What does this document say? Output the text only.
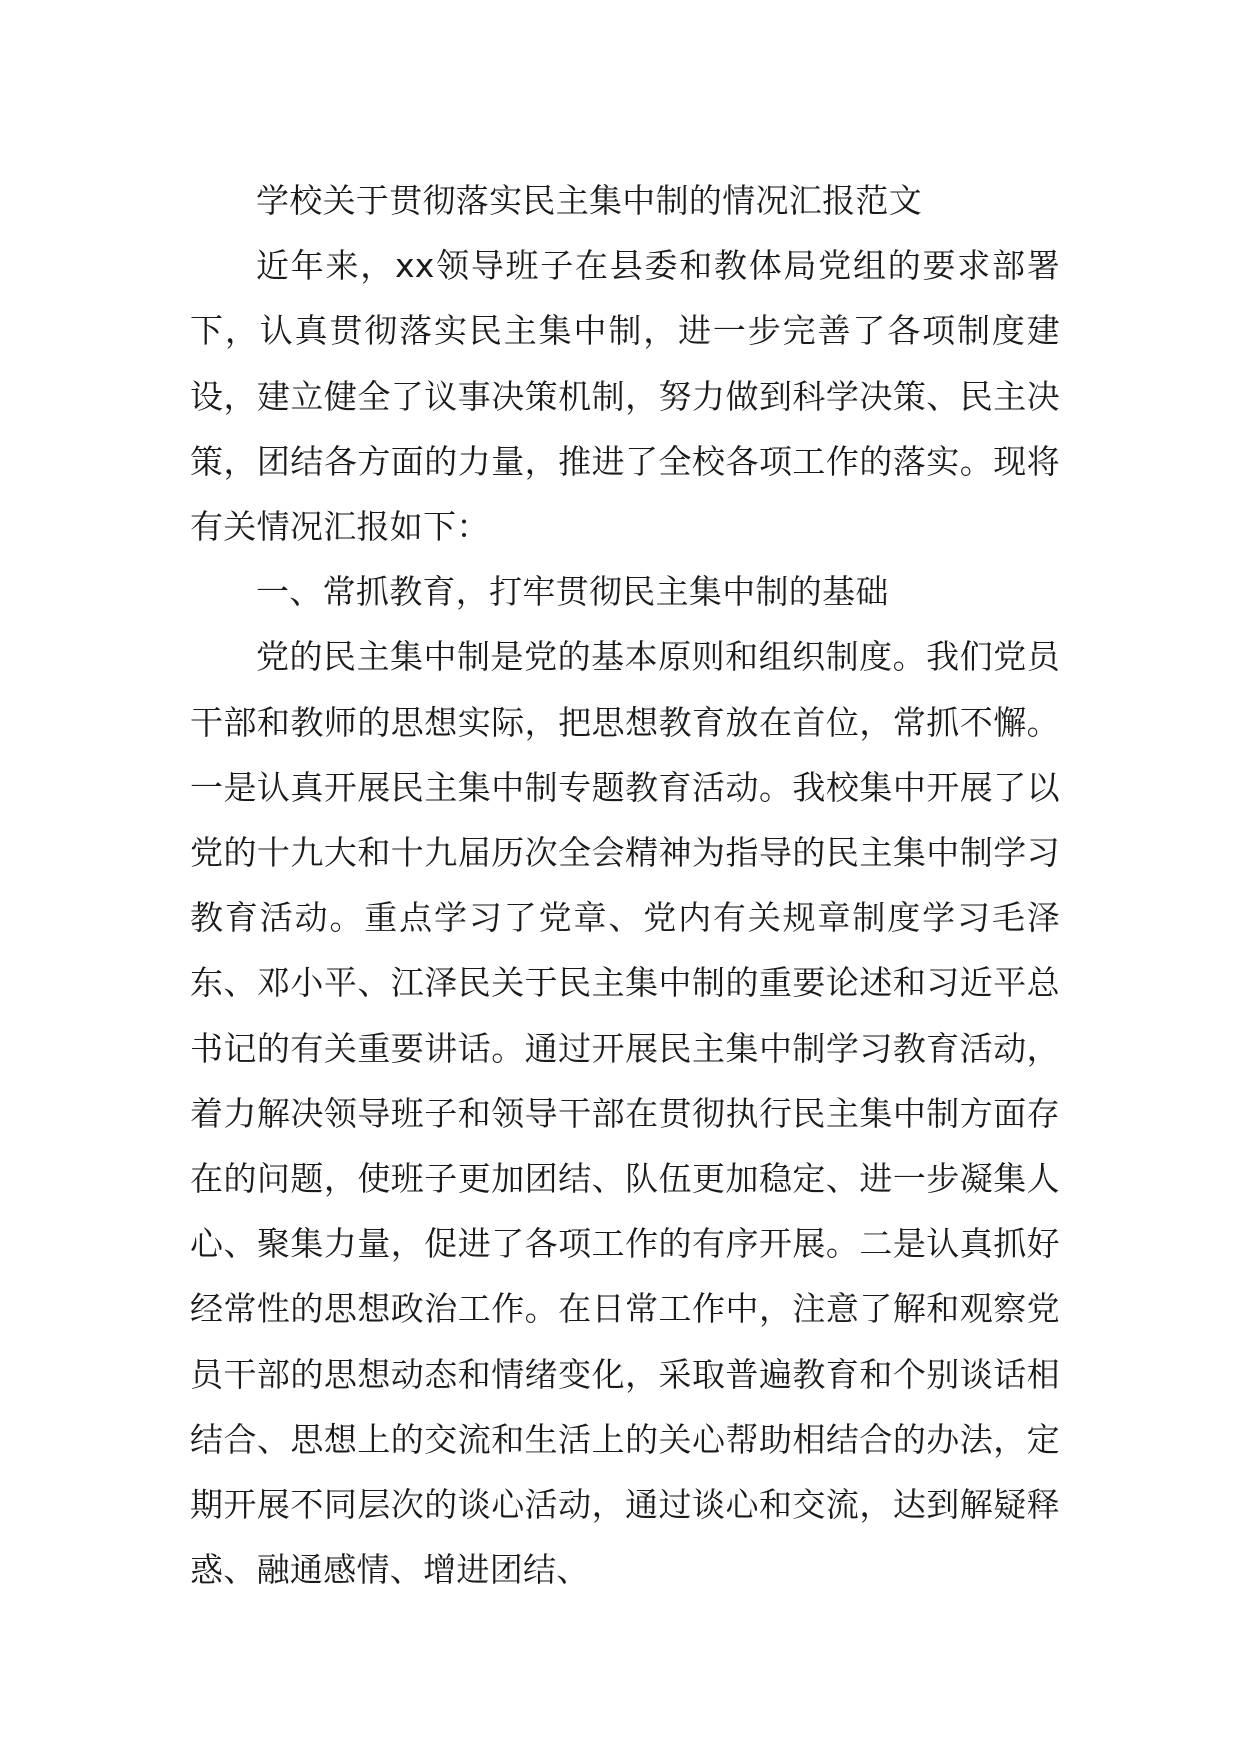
学校关于贯彻落实民主集中制的情况汇报范文

近年来，xx领导班子在县委和教体局党组的要求部署下，认真贯彻落实民主集中制，进一步完善了各项制度建设，建立健全了议事决策机制，努力做到科学决策、民主决策，团结各方面的力量，推进了全校各项工作的落实。现将有关情况汇报如下：

一、常抓教育，打牢贯彻民主集中制的基础

党的民主集中制是党的基本原则和组织制度。我们党员干部和教师的思想实际，把思想教育放在首位，常抓不懈。一是认真开展民主集中制专题教育活动。我校集中开展了以党的十九大和十九届历次全会精神为指导的民主集中制学习教育活动。重点学习了党章、党内有关规章制度学习毛泽东、邓小平、江泽民关于民主集中制的重要论述和习近平总书记的有关重要讲话。通过开展民主集中制学习教育活动，着力解决领导班子和领导干部在贯彻执行民主集中制方面存在的问题，使班子更加团结、队伍更加稳定、进一步凝集人心、聚集力量，促进了各项工作的有序开展。二是认真抓好经常性的思想政治工作。在日常工作中，注意了解和观察党员干部的思想动态和情绪变化，采取普遍教育和个别谈话相结合、思想上的交流和生活上的关心帮助相结合的办法，定期开展不同层次的谈心活动，通过谈心和交流，达到解疑释惑、融通感情、增进团结、
